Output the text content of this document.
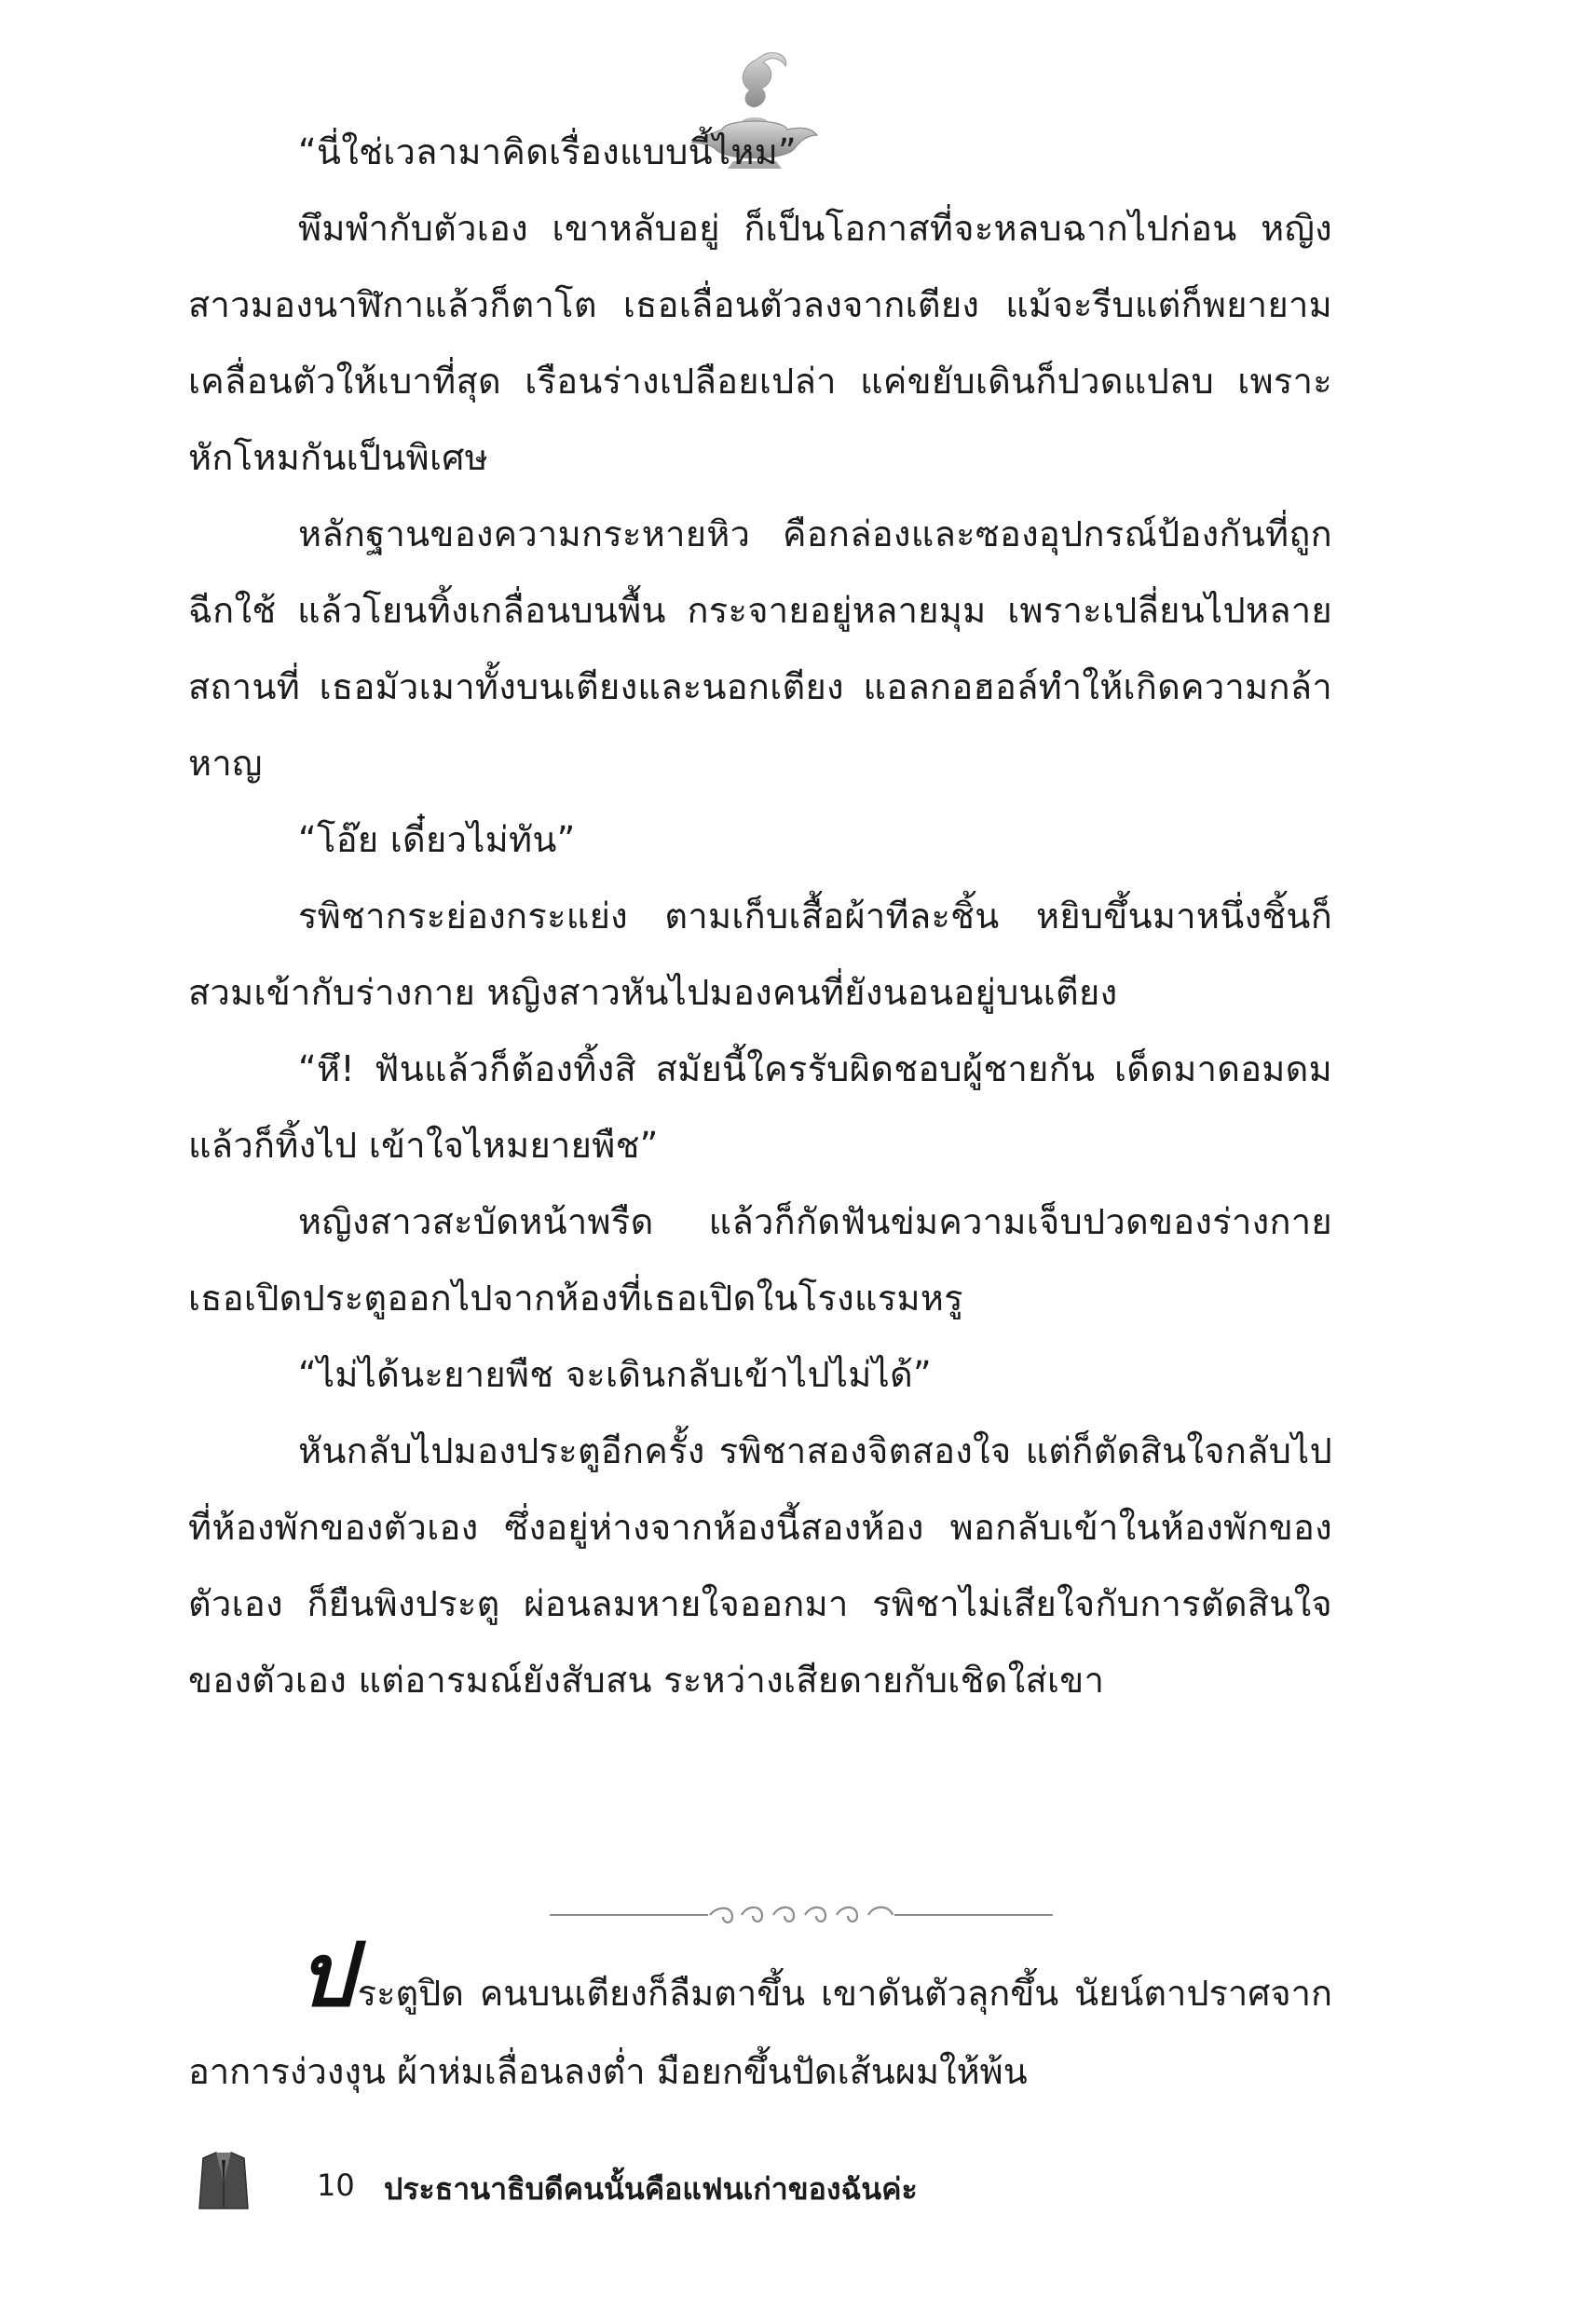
“นี่ใช่เวลามาคิดเรื่องแบบนี้ไหม”

พึมพำกับตัวเอง เขาหลับอยู่ ก็เป็นโอกาสที่จะหลบฉากไปก่อน หญิงสาวมองนาฬิกาแล้วก็ตาโต เธอเลื่อนตัวลงจากเตียง แม้จะรีบแต่ก็พยายามเคลื่อนตัวให้เบาที่สุด เรือนร่างเปลือยเปล่า แค่ขยับเดินก็ปวดแปลบ เพราะหักโหมกันเป็นพิเศษ

หลักฐานของความกระหายหิว คือกล่องและซองอุปกรณ์ป้องกันที่ถูกฉีกใช้ แล้วโยนทิ้งเกลื่อนบนพื้น กระจายอยู่หลายมุม เพราะเปลี่ยนไปหลายสถานที่ เธอมัวเมาทั้งบนเตียงและนอกเตียง แอลกอฮอล์ทำให้เกิดความกล้าหาญ

“โอ๊ย เดี๋ยวไม่ทัน”

รพิชากระย่องกระแย่ง ตามเก็บเสื้อผ้าทีละชิ้น หยิบขึ้นมาหนึ่งชิ้นก็สวมเข้ากับร่างกาย หญิงสาวหันไปมองคนที่ยังนอนอยู่บนเตียง

“หึ! ฟันแล้วก็ต้องทิ้งสิ สมัยนี้ใครรับผิดชอบผู้ชายกัน เด็ดมาดอมดมแล้วก็ทิ้งไป เข้าใจไหมยายพืช”

หญิงสาวสะบัดหน้าพรืด แล้วก็กัดฟันข่มความเจ็บปวดของร่างกาย เธอเปิดประตูออกไปจากห้องที่เธอเปิดในโรงแรมหรู

“ไม่ได้นะยายพืช จะเดินกลับเข้าไปไม่ได้”

หันกลับไปมองประตูอีกครั้ง รพิชาสองจิตสองใจ แต่ก็ตัดสินใจกลับไปที่ห้องพักของตัวเอง ซึ่งอยู่ห่างจากห้องนี้สองห้อง พอกลับเข้าในห้องพักของตัวเอง ก็ยืนพิงประตู ผ่อนลมหายใจออกมา รพิชาไม่เสียใจกับการตัดสินใจของตัวเอง แต่อารมณ์ยังสับสน ระหว่างเสียดายกับเชิดใส่เขา

ประตูปิด คนบนเตียงก็ลืมตาขึ้น เขาดันตัวลุกขึ้น นัยน์ตาปราศจากอาการง่วงงุน ผ้าห่มเลื่อนลงต่ำ มือยกขึ้นปัดเส้นผมให้พ้น
10 ประธานาธิบดีคนนั้นคือแฟนเก่าของฉันค่ะ
